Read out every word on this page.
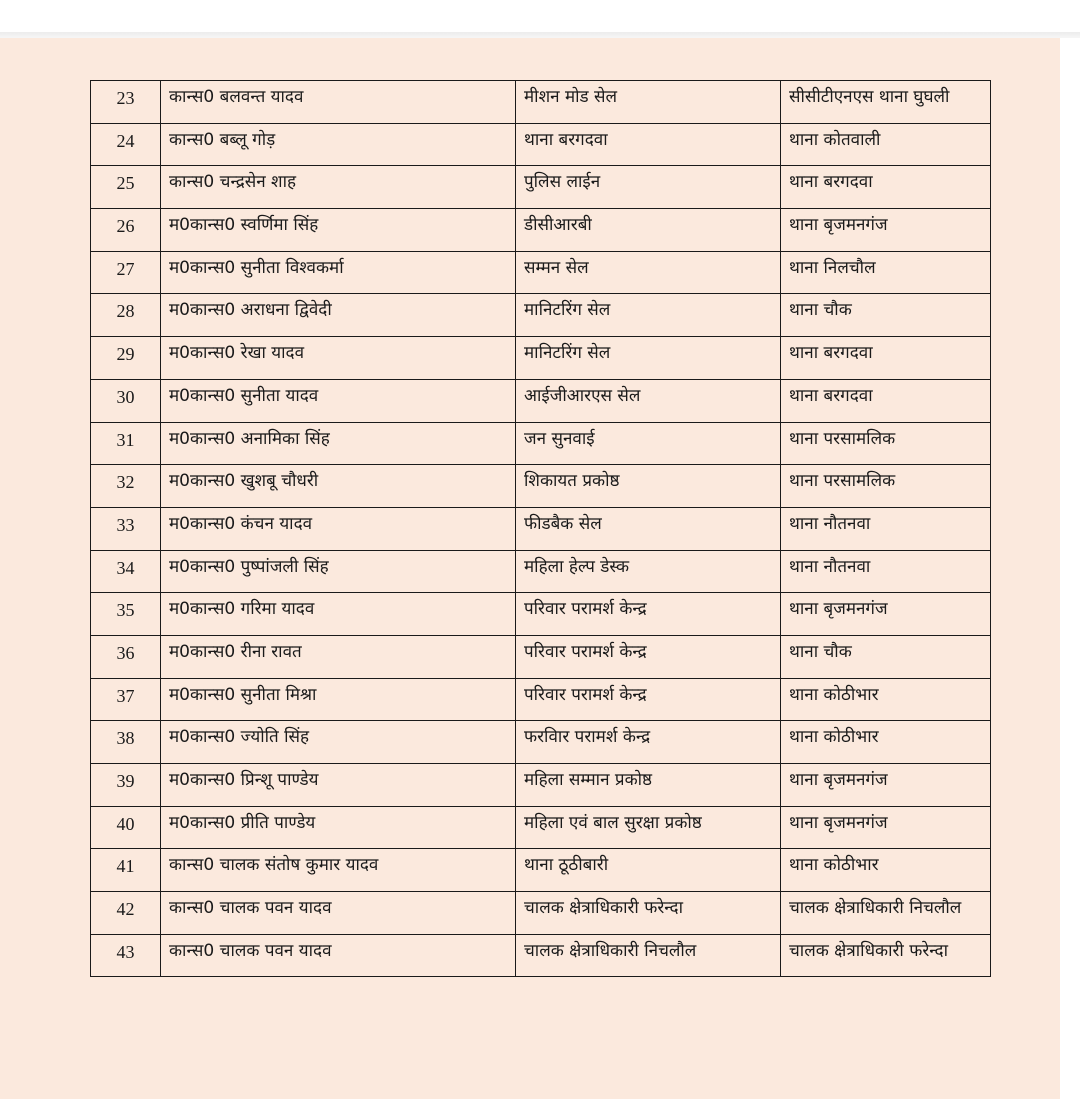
23	कान्स0 बलवन्त यादव	मीशन मोड सेल	सीसीटीएनएस थाना घुघली
24	कान्स0 बब्लू गोड़	थाना बरगदवा	थाना कोतवाली
25	कान्स0 चन्द्रसेन शाह	पुलिस लाईन	थाना बरगदवा
26	म0कान्स0 स्वर्णिमा सिंह	डीसीआरबी	थाना बृजमनगंज
27	म0कान्स0 सुनीता विश्वकर्मा	सम्मन सेल	थाना निलचौल
28	म0कान्स0 अराधना द्विवेदी	मानिटरिंग सेल	थाना चौक
29	म0कान्स0 रेखा यादव	मानिटरिंग सेल	थाना बरगदवा
30	म0कान्स0 सुनीता यादव	आईजीआरएस सेल	थाना बरगदवा
31	म0कान्स0 अनामिका सिंह	जन सुनवाई	थाना परसामलिक
32	म0कान्स0 खुशबू चौधरी	शिकायत प्रकोष्ठ	थाना परसामलिक
33	म0कान्स0 कंचन यादव	फीडबैक सेल	थाना नौतनवा
34	म0कान्स0 पुष्पांजली सिंह	महिला हेल्प डेस्क	थाना नौतनवा
35	म0कान्स0 गरिमा यादव	परिवार परामर्श केन्द्र	थाना बृजमनगंज
36	म0कान्स0 रीना रावत	परिवार परामर्श केन्द्र	थाना चौक
37	म0कान्स0 सुनीता मिश्रा	परिवार परामर्श केन्द्र	थाना कोठीभार
38	म0कान्स0 ज्योति सिंह	फरविार परामर्श केन्द्र	थाना कोठीभार
39	म0कान्स0 प्रिन्शू पाण्डेय	महिला सम्मान प्रकोष्ठ	थाना बृजमनगंज
40	म0कान्स0 प्रीति पाण्डेय	महिला एवं बाल सुरक्षा प्रकोष्ठ	थाना बृजमनगंज
41	कान्स0 चालक संतोष कुमार यादव	थाना ठूठीबारी	थाना कोठीभार
42	कान्स0 चालक पवन यादव	चालक क्षेत्राधिकारी फरेन्दा	चालक क्षेत्राधिकारी निचलौल
43	कान्स0 चालक पवन यादव	चालक क्षेत्राधिकारी निचलौल	चालक क्षेत्राधिकारी फरेन्दा
